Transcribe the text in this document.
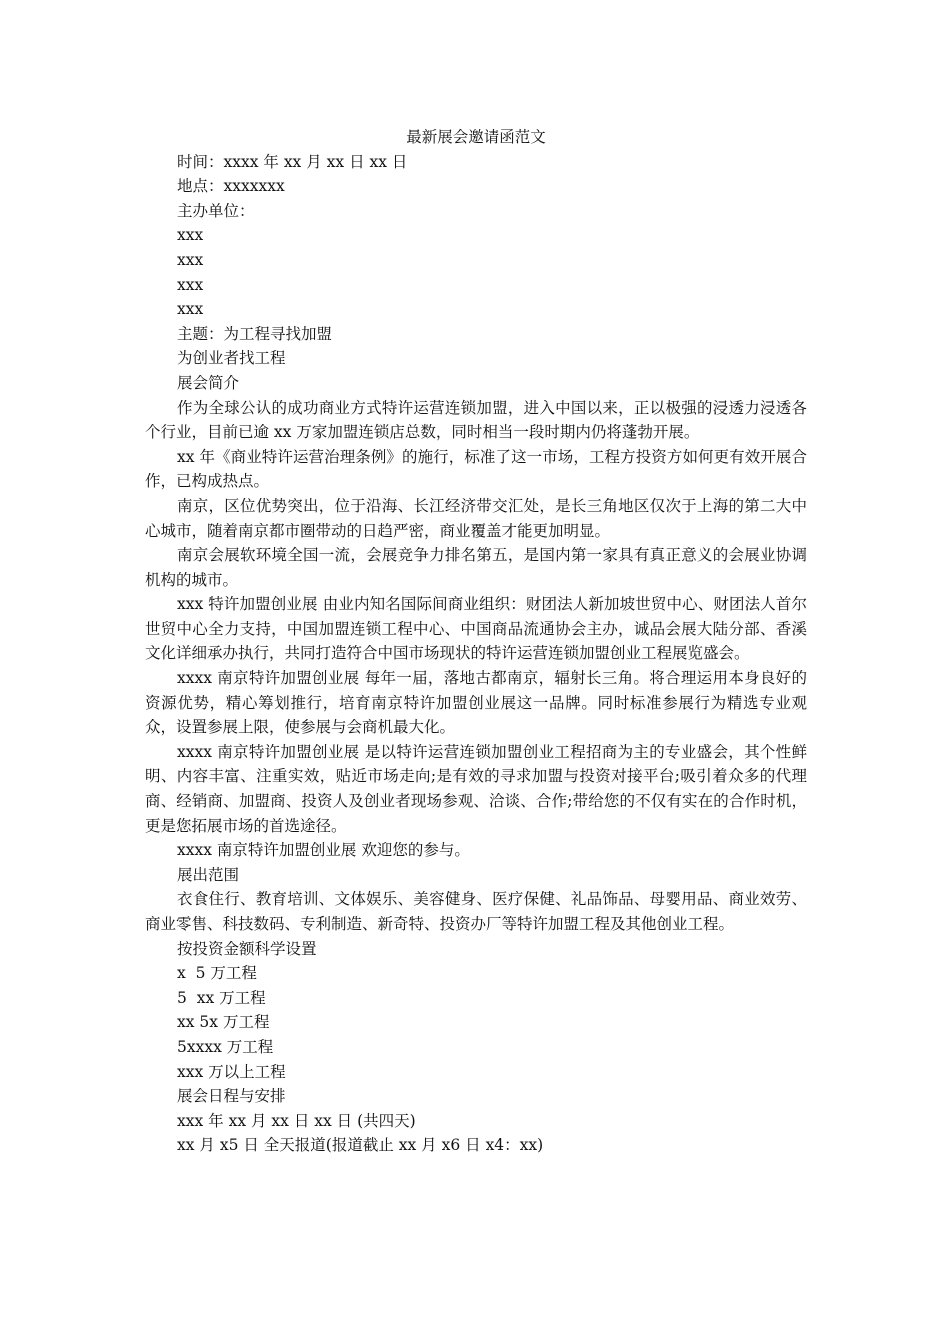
最新展会邀请函范文

时间：xxxx 年 xx 月 xx 日 xx 日

地点：xxxxxxx

主办单位：

xxx

xxx

xxx

xxx

主题：为工程寻找加盟

为创业者找工程

展会简介

作为全球公认的成功商业方式特许运营连锁加盟，进入中国以来，正以极强的浸透力浸透各个行业，目前已逾 xx 万家加盟连锁店总数，同时相当一段时期内仍将蓬勃开展。

xx 年《商业特许运营治理条例》的施行，标准了这一市场，工程方投资方如何更有效开展合作，已构成热点。

南京，区位优势突出，位于沿海、长江经济带交汇处，是长三角地区仅次于上海的第二大中心城市，随着南京都市圈带动的日趋严密，商业覆盖才能更加明显。

南京会展软环境全国一流，会展竞争力排名第五，是国内第一家具有真正意义的会展业协调机构的城市。

xxx 特许加盟创业展 由业内知名国际间商业组织：财团法人新加坡世贸中心、财团法人首尔世贸中心全力支持，中国加盟连锁工程中心、中国商品流通协会主办，诚品会展大陆分部、香溪文化详细承办执行，共同打造符合中国市场现状的特许运营连锁加盟创业工程展览盛会。

xxxx 南京特许加盟创业展 每年一届，落地古都南京，辐射长三角。将合理运用本身良好的资源优势，精心筹划推行，培育南京特许加盟创业展这一品牌。同时标准参展行为精选专业观众，设置参展上限，使参展与会商机最大化。

xxxx 南京特许加盟创业展 是以特许运营连锁加盟创业工程招商为主的专业盛会，其个性鲜明、内容丰富、注重实效，贴近市场走向;是有效的寻求加盟与投资对接平台;吸引着众多的代理商、经销商、加盟商、投资人及创业者现场参观、洽谈、合作;带给您的不仅有实在的合作时机，更是您拓展市场的首选途径。

xxxx 南京特许加盟创业展 欢迎您的参与。

展出范围

衣食住行、教育培训、文体娱乐、美容健身、医疗保健、礼品饰品、母婴用品、商业效劳、商业零售、科技数码、专利制造、新奇特、投资办厂等特许加盟工程及其他创业工程。

按投资金额科学设置

x  5 万工程

5  xx 万工程

xx 5x 万工程

5xxxx 万工程

xxx 万以上工程

展会日程与安排

xxx 年 xx 月 xx 日 xx 日 (共四天)

xx 月 x5 日 全天报道(报道截止 xx 月 x6 日 x4：xx)
